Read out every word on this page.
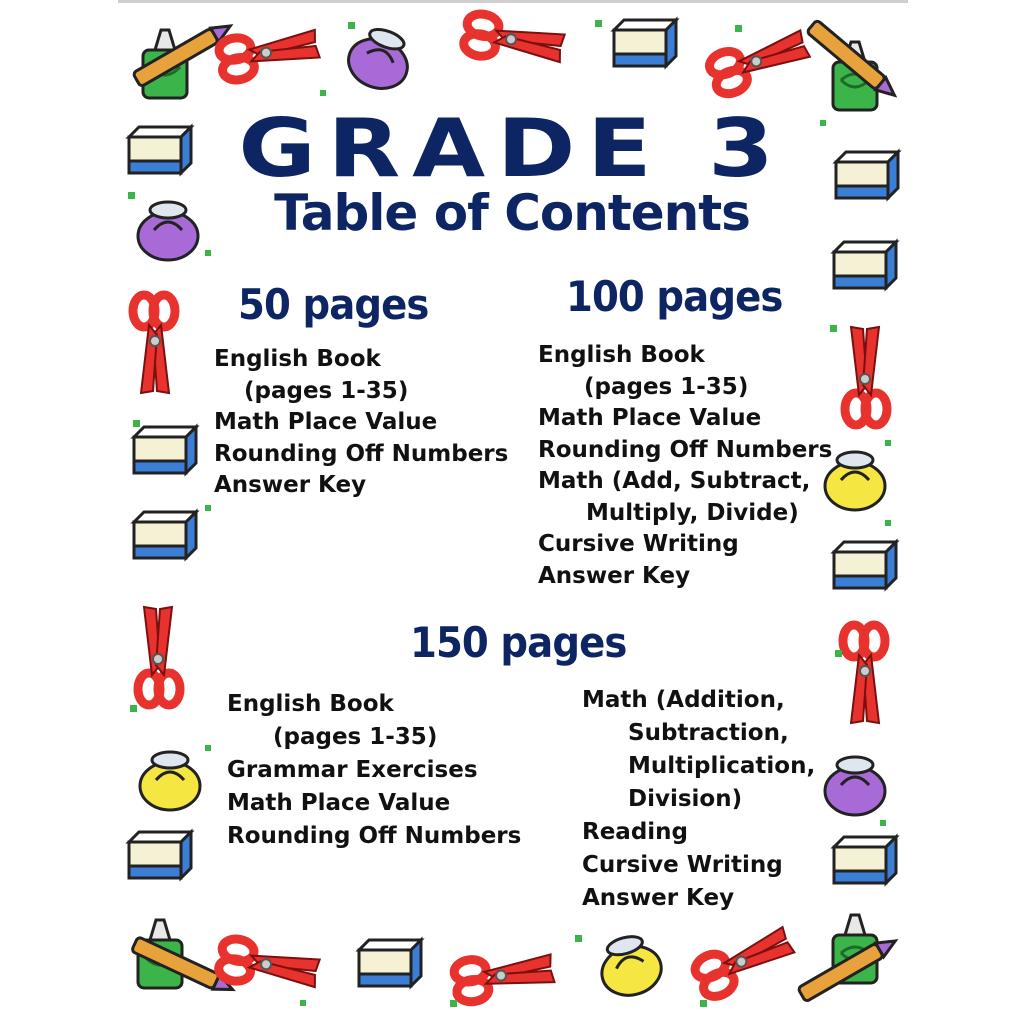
GRADE 3
Table of Contents
50 pages
English Book
(pages 1-35)
Math Place Value
Rounding Off Numbers
Answer Key
100 pages
English Book
(pages 1-35)
Math Place Value
Rounding Off Numbers
Math (Add, Subtract,
Multiply, Divide)
Cursive Writing
Answer Key
150 pages
English Book
(pages 1-35)
Grammar Exercises
Math Place Value
Rounding Off Numbers
Math (Addition,
Subtraction,
Multiplication,
Division)
Reading
Cursive Writing
Answer Key
